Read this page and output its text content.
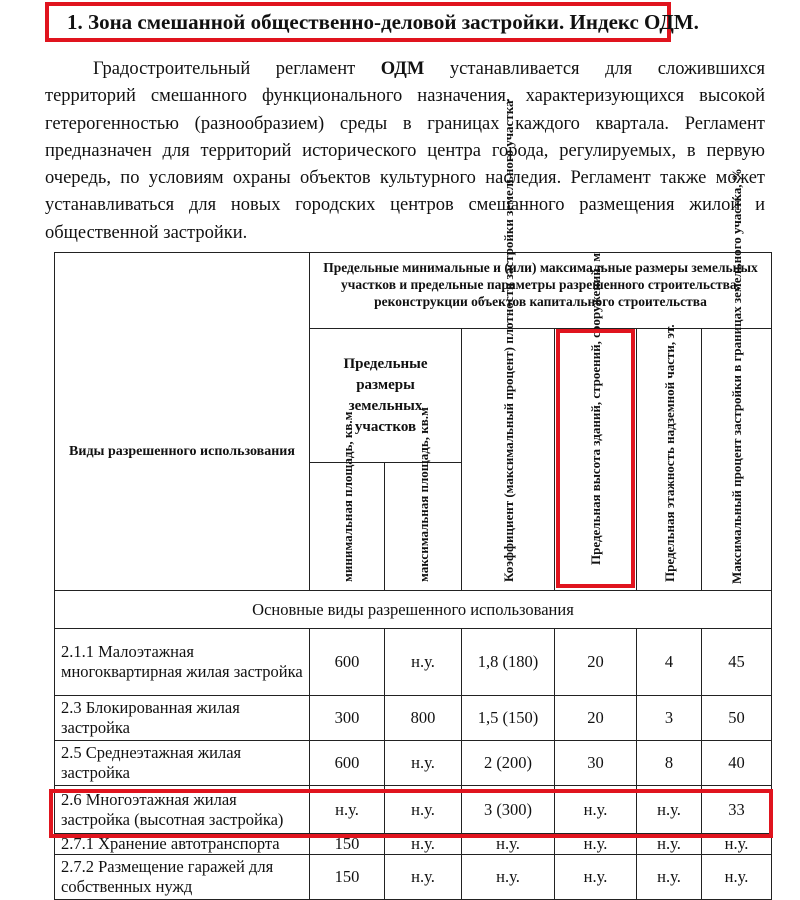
1. Зона смешанной общественно-деловой застройки. Индекс ОДМ.
Градостроительный регламент ОДМ устанавливается для сложившихся
территорий смешанного функционального назначения, характеризующихся высокой
гетерогенностью (разнообразием) среды в границах каждого квартала. Регламент
предназначен для территорий исторического центра города, регулируемых, в первую
очередь, по условиям охраны объектов культурного наследия. Регламент также может
устанавливаться для новых городских центров смешанного размещения жилой и
общественной застройки.
Виды разрешенного использования	Предельные минимальные и (или) максимальные размеры земельных участков и предельные параметры разрешенного строительства, реконструкции объектов капитального строительства					

	Предельные размеры земельных участков		Коэффициент (максимальный процент) плотности застройки земельного участка	Предельная высота зданий, строений, сооружений, м	Предельная этажность надземной части, эт.	Максимальный процент застройки в границах земельного участка, %

	минимальная площадь, кв.м	максимальная площадь, кв.м				

Основные виды разрешенного использования						
2.1.1 Малоэтажная многоквартирная жилая застройка	600	н.у.	1,8 (180)	20	4	45
2.3 Блокированная жилая застройка	300	800	1,5 (150)	20	3	50
2.5 Среднеэтажная жилая застройка	600	н.у.	2 (200)	30	8	40
2.6 Многоэтажная жилая застройка (высотная застройка)	н.у.	н.у.	3 (300)	н.у.	н.у.	33
2.7.1 Хранение автотранспорта	150	н.у.	н.у.	н.у.	н.у.	н.у.
2.7.2 Размещение гаражей для собственных нужд	150	н.у.	н.у.	н.у.	н.у.	н.у.
